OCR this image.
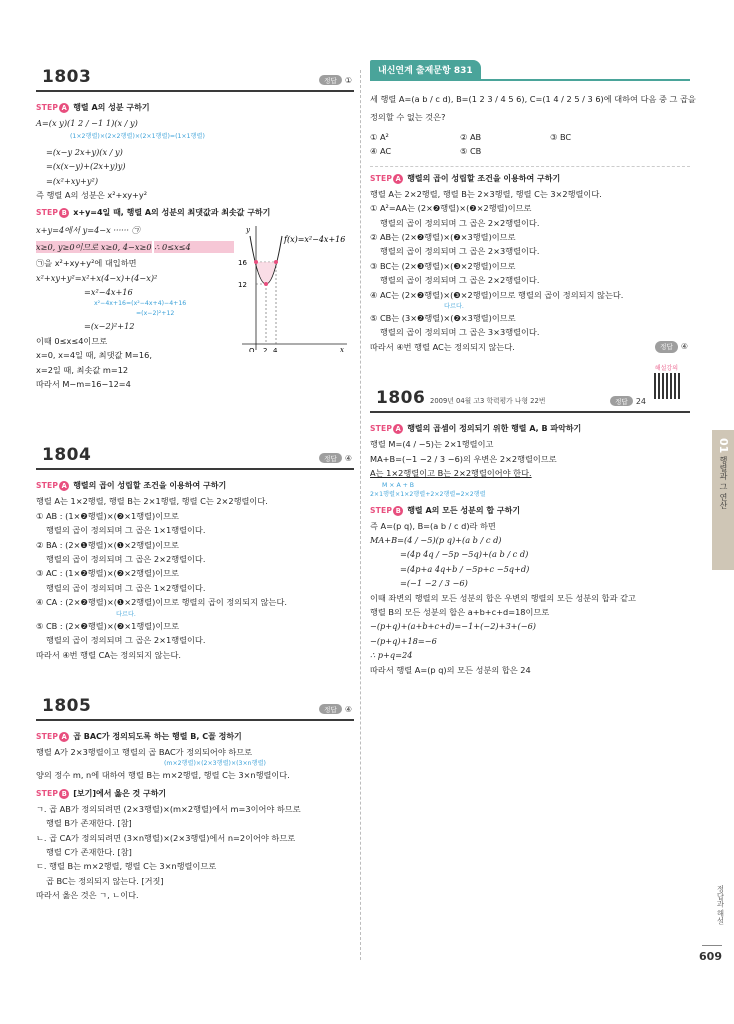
1803	정답 ①
STEP A 행렬 A의 성분 구하기
A=(x y)(1 2 / −1 1)(x / y)
(1×2행렬)×(2×2행렬)×(2×1행렬)=(1×1행렬)
=(x−y 2x+y)(x / y)
=(x(x−y)+(2x+y)y)
=(x²+xy+y²)
즉 행렬 A의 성분은 x²+xy+y²
STEP B x+y=4일 때, 행렬 A의 성분의 최댓값과 최솟값 구하기
x+y=4에서 y=4−x ······ ㉠
x≥0, y≥0이므로 x≥0, 4−x≥0 ∴ 0≤x≤4
㉠을 x²+xy+y²에 대입하면
x²+xy+y²=x²+x(4−x)+(4−x)²
=x²−4x+16
x²−4x+16=(x²−4x+4)−4+16
=(x−2)²+12
=(x−2)²+12
이때 0≤x≤4이므로
x=0, x=4일 때, 최댓값 M=16,
x=2일 때, 최솟값 m=12
따라서 M−m=16−12=4
f(x)=x²−4x+16
16
12
O 2 4	x
y
1804	정답 ④
STEP A 행렬의 곱이 성립할 조건을 이용하여 구하기
행렬 A는 1×2행렬, 행렬 B는 2×1행렬, 행렬 C는 2×2행렬이다.
① AB : (1×❷행렬)×(❷×1행렬)이므로
행렬의 곱이 정의되며 그 곱은 1×1행렬이다.
② BA : (2×❶행렬)×(❶×2행렬)이므로
행렬의 곱이 정의되며 그 곱은 2×2행렬이다.
③ AC : (1×❷행렬)×(❷×2행렬)이므로
행렬의 곱이 정의되며 그 곱은 1×2행렬이다.
④ CA : (2×❷행렬)×(❶×2행렬)이므로 행렬의 곱이 정의되지 않는다.
다르다.
⑤ CB : (2×❷행렬)×(❷×1행렬)이므로
행렬의 곱이 정의되며 그 곱은 2×1행렬이다.
따라서 ④번 행렬 CA는 정의되지 않는다.
1805	정답 ④
STEP A 곱 BAC가 정의되도록 하는 행렬 B, C꼴 정하기
행렬 A가 2×3행렬이고 행렬의 곱 BAC가 정의되어야 하므로
(m×2행렬)×(2×3행렬)×(3×n행렬)
양의 정수 m, n에 대하여 행렬 B는 m×2행렬, 행렬 C는 3×n행렬이다.
STEP B [보기]에서 옳은 것 구하기
ㄱ. 곱 AB가 정의되려면 (2×3행렬)×(m×2행렬)에서 m=3이어야 하므로
행렬 B가 존재한다. [참]
ㄴ. 곱 CA가 정의되려면 (3×n행렬)×(2×3행렬)에서 n=2이어야 하므로
행렬 C가 존재한다. [참]
ㄷ. 행렬 B는 m×2행렬, 행렬 C는 3×n행렬이므로
곱 BC는 정의되지 않는다. [거짓]
따라서 옳은 것은 ㄱ, ㄴ이다.
내신연계 출제문항 831
세 행렬 A=(a b / c d), B=(1 2 3 / 4 5 6), C=(1 4 / 2 5 / 3 6)에 대하여 다음 중 그 곱을
정의할 수 없는 것은?
① A²	② AB	③ BC
④ AC	⑤ CB
STEP A 행렬의 곱이 성립할 조건을 이용하여 구하기
행렬 A는 2×2행렬, 행렬 B는 2×3행렬, 행렬 C는 3×2행렬이다.
① A²=AA는 (2×❷행렬)×(❷×2행렬)이므로
행렬의 곱이 정의되며 그 곱은 2×2행렬이다.
② AB는 (2×❷행렬)×(❷×3행렬)이므로
행렬의 곱이 정의되며 그 곱은 2×3행렬이다.
③ BC는 (2×❸행렬)×(❸×2행렬)이므로
행렬의 곱이 정의되며 그 곱은 2×2행렬이다.
④ AC는 (2×❷행렬)×(❸×2행렬)이므로 행렬의 곱이 정의되지 않는다.
다르다.
⑤ CB는 (3×❷행렬)×(❷×3행렬)이므로
행렬의 곱이 정의되며 그 곱은 3×3행렬이다.
따라서 ④번 행렬 AC는 정의되지 않는다.	정답 ④
해설강의
1806 2009년 04월 고3 학력평가 나형 22번	정답 24
STEP A 행렬의 곱셈이 정의되기 위한 행렬 A, B 파악하기
행렬 M=(4 / −5)는 2×1행렬이고
MA+B=(−1 −2 / 3 −6)의 우변은 2×2행렬이므로
A는 1×2행렬이고 B는 2×2행렬이어야 한다.
M × A + B
2×1행렬×1×2행렬+2×2행렬=2×2행렬
STEP B 행렬 A의 모든 성분의 합 구하기
즉 A=(p q), B=(a b / c d)라 하면
MA+B=(4 / −5)(p q)+(a b / c d)
=(4p 4q / −5p −5q)+(a b / c d)
=(4p+a 4q+b / −5p+c −5q+d)
=(−1 −2 / 3 −6)
이때 좌변의 행렬의 모든 성분의 합은 우변의 행렬의 모든 성분의 합과 같고
행렬 B의 모든 성분의 합은 a+b+c+d=18이므로
−(p+q)+(a+b+c+d)=−1+(−2)+3+(−6)
−(p+q)+18=−6
∴ p+q=24
따라서 행렬 A=(p q)의 모든 성분의 합은 24
01 행렬과 그 연산
정답과 해설
609
